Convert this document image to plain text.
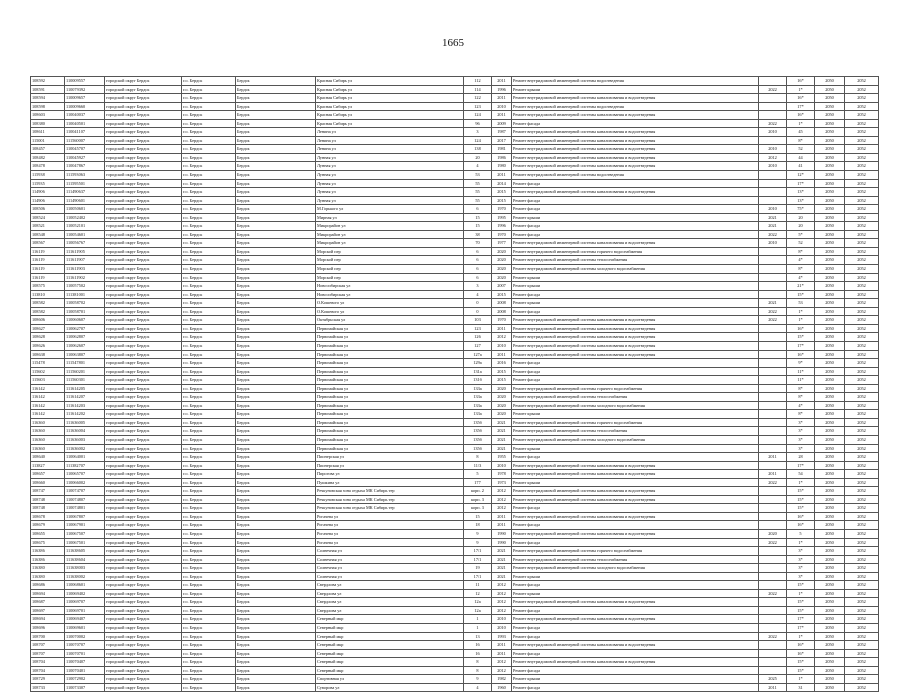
1665
108592	110009557	городской округ Бердск	г.о. Бердск	Бердск	Красная Сибирь ул	112	2011	Ремонт внутридомовой инженерной системы водоотведения		16*	2050	2052
108591	110079392	городской округ Бердск	г.о. Бердск	Бердск	Красная Сибирь ул	114	1996	Ремонт крыши	2022	1*	2050	2052
108594	110009657	городской округ Бердск	г.о. Бердск	Бердск	Красная Сибирь ул	122	2011	Ремонт внутридомовой инженерной системы канализования и водоотведения		16*	2050	2052
108598	110009660	городской округ Бердск	г.о. Бердск	Бердск	Красная Сибирь ул	123	2010	Ремонт внутридомовой инженерной системы водоотведения		17*	2050	2052
108603	110040037	городской округ Бердск	г.о. Бердск	Бердск	Красная Сибирь ул	124	2011	Ремонт внутридомовой инженерной системы канализования и водоотведения		16*	2050	2052
108380	110040501	городской округ Бердск	г.о. Бердск	Бердск	Красная Сибирь ул	96	2009	Ремонт фасада	2022	1*	2050	2052
108611	110041107	городской округ Бердск	г.о. Бердск	Бердск	Ленина ул	3	1987	Ремонт внутридомовой инженерной системы канализования и водоотведения	2010	45	2050	2052
115001	111560007	городской округ Бердск	г.о. Бердск	Бердск	Ленина ул	124	2017	Ремонт внутридомовой инженерной системы канализования и водоотведения		8*	2050	2052
108457	110045707	городской округ Бердск	г.о. Бердск	Бердск	Ленина ул	138	1981	Ремонт внутридомовой инженерной системы канализования и водоотведения	2010	52	2050	2052
108482	110045927	городской округ Бердск	г.о. Бердск	Бердск	Лунная ул	20	1986	Ремонт внутридомовой инженерной системы канализования и водоотведения	2012	44	2050	2052
108478	110047867	городской округ Бердск	г.о. Бердск	Бердск	Лунная ул	4	1980	Ремонт внутридомовой инженерной системы канализования и водоотведения	2010	41	2050	2052
115938	111593063	городской округ Бердск	г.о. Бердск	Бердск	Лунная ул	53	2011	Ремонт внутридомовой инженерной системы водоотведения		12*	2050	2052
115935	111595501	городской округ Бердск	г.о. Бердск	Бердск	Лунная ул	55	2014	Ремонт фасада		17*	2050	2052
114906	111490637	городской округ Бердск	г.о. Бердск	Бердск	Лунная ул	55	2015	Ремонт внутридомовой инженерной системы канализования и водоотведения		13*	2050	2052
114906	111490601	городской округ Бердск	г.о. Бердск	Бердск	Лунная ул	55	2015	Ремонт фасада		13*	2050	2052
108506	110050601	городской округ Бердск	г.о. Бердск	Бердск	М.Горького ул	6	1970	Ремонт фасада	2010	75*	2050	2052
108524	110052402	городской округ Бердск	г.о. Бердск	Бердск	Мирная ул	15	1995	Ремонт крыши	2021	20	2050	2052
108521	110052101	городской округ Бердск	г.о. Бердск	Бердск	Микрорайон ул	15	1996	Ремонт фасада	2021	20	2050	2052
108548	110054601	городской округ Бердск	г.о. Бердск	Бердск	Микрорайон ул	38	1970	Ремонт фасада	2022	5*	2050	2052
108567	110056767	городской округ Бердск	г.о. Бердск	Бердск	Микрорайон ул	70	1977	Ремонт внутридомовой инженерной системы канализования и водоотведения	2010	52	2050	2052
116119	111611905	городской округ Бердск	г.о. Бердск	Бердск	Морской пер	6	2020	Ремонт внутридомовой инженерной системы горячего водоснабжения		8*	2050	2052
116119	111611907	городской округ Бердск	г.о. Бердск	Бердск	Морской пер	6	2020	Ремонт внутридомовой инженерной системы теплоснабжения		4*	2050	2052
116119	111611903	городской округ Бердск	г.о. Бердск	Бердск	Морской пер	6	2020	Ремонт внутридомовой инженерной системы холодного водоснабжения		8*	2050	2052
116119	111611902	городской округ Бердск	г.о. Бердск	Бердск	Морской пер	6	2020	Ремонт крыши		4*	2050	2052
108575	110057502	городской округ Бердск	г.о. Бердск	Бердск	Новосибирская ул	3	2007	Ремонт крыши		21*	2050	2052
113810	111381001	городской округ Бердск	г.о. Бердск	Бердск	Новосибирская ул	4	2015	Ремонт фасада		15*	2050	2052
108582	110058702	городской округ Бердск	г.о. Бердск	Бердск	О.Кошевого ул	0	2008	Ремонт крыши	2021	53	2050	2052
108582	110058701	городской округ Бердск	г.о. Бердск	Бердск	О.Кошевого ул	0	2008	Ремонт фасада	2022	1*	2050	2052
108606	110060607	городской округ Бердск	г.о. Бердск	Бердск	Октябрьская ул	103	1970	Ремонт внутридомовой инженерной системы канализования и водоотведения	2022	1*	2050	2052
108627	110062707	городской округ Бердск	г.о. Бердск	Бердск	Первомайская ул	123	2011	Ремонт внутридомовой инженерной системы канализования и водоотведения		16*	2050	2052
108628	110062807	городской округ Бердск	г.о. Бердск	Бердск	Первомайская ул	126	2012	Ремонт внутридомовой инженерной системы канализования и водоотведения		15*	2050	2052
108626	110062607	городской округ Бердск	г.о. Бердск	Бердск	Первомайская ул	127	2010	Ремонт внутридомовой инженерной системы канализования и водоотведения		17*	2050	2052
108638	110063807	городской округ Бердск	г.о. Бердск	Бердск	Первомайская ул	127а	2011	Ремонт внутридомовой инженерной системы канализования и водоотведения		16*	2050	2052
115478	111547801	городской округ Бердск	г.о. Бердск	Бердск	Первомайская ул	129а	2016	Ремонт фасада		9*	2050	2052
115602	111560201	городской округ Бердск	г.о. Бердск	Бердск	Первомайская ул	131а	2015	Ремонт фасада		11*	2050	2052
115603	111560301	городской округ Бердск	г.о. Бердск	Бердск	Первомайская ул	131б	2015	Ремонт фасада		11*	2050	2052
116142	111614205	городской округ Бердск	г.о. Бердск	Бердск	Первомайская ул	133а	2020	Ремонт внутридомовой инженерной системы горячего водоснабжения		8*	2050	2052
116142	111614207	городской округ Бердск	г.о. Бердск	Бердск	Первомайская ул	133а	2020	Ремонт внутридомовой инженерной системы теплоснабжения		8*	2050	2052
116142	111614203	городской округ Бердск	г.о. Бердск	Бердск	Первомайская ул	133а	2020	Ремонт внутридомовой инженерной системы холодного водоснабжения		4*	2050	2052
116142	111614202	городской округ Бердск	г.о. Бердск	Бердск	Первомайская ул	133а	2020	Ремонт крыши		8*	2050	2052
116360	111636005	городской округ Бердск	г.о. Бердск	Бердск	Первомайская ул	135б	2021	Ремонт внутридомовой инженерной системы горячего водоснабжения		3*	2050	2052
116360	111636004	городской округ Бердск	г.о. Бердск	Бердск	Первомайская ул	135б	2021	Ремонт внутридомовой инженерной системы теплоснабжения		3*	2050	2052
116360	111636003	городской округ Бердск	г.о. Бердск	Бердск	Первомайская ул	135б	2021	Ремонт внутридомовой инженерной системы холодного водоснабжения		3*	2050	2052
116360	111636002	городской округ Бердск	г.о. Бердск	Бердск	Первомайская ул	135б	2021	Ремонт крыши		3*	2050	2052
108640	110064001	городской округ Бердск	г.о. Бердск	Бердск	Пионерская ул	8	1955	Ремонт фасада	2011	28	2050	2052
113827	111382707	городской округ Бердск	г.о. Бердск	Бердск	Пионерская ул	11/3	2010	Ремонт внутридомовой инженерной системы канализования и водоотведения		17*	2050	2052
108657	110065707	городской округ Бердск	г.о. Бердск	Бердск	Пирогова ул	5	1978	Ремонт внутридомовой инженерной системы канализования и водоотведения	2011	54	2050	2052
108660	110066002	городской округ Бердск	г.о. Бердск	Бердск	Пушкина ул	177	1973	Ремонт крыши	2022	1*	2050	2052
108747	110074707	городской округ Бердск	г.о. Бердск	Бердск	Речкуновская зона отдыха МК Сибирь тер	корп. 2	2012	Ремонт внутридомовой инженерной системы канализования и водоотведения		15*	2050	2052
108748	110074807	городской округ Бердск	г.о. Бердск	Бердск	Речкуновская зона отдыха МК Сибирь тер	корп. 3	2012	Ремонт внутридомовой инженерной системы канализования и водоотведения		15*	2050	2052
108748	110074801	городской округ Бердск	г.о. Бердск	Бердск	Речкуновская зона отдыха МК Сибирь тер	корп. 3	2012	Ремонт фасада		15*	2050	2052
108678	110067807	городской округ Бердск	г.о. Бердск	Бердск	Рогачева ул	15	2011	Ремонт внутридомовой инженерной системы канализования и водоотведения		16*	2050	2052
108679	110067901	городской округ Бердск	г.о. Бердск	Бердск	Рогачева ул	18	2011	Ремонт фасада		16*	2050	2052
108655	110067507	городской округ Бердск	г.о. Бердск	Бердск	Рогачева ул	9	1990	Ремонт внутридомовой инженерной системы канализования и водоотведения	2020	5	2050	2052
108675	110067501	городской округ Бердск	г.о. Бердск	Бердск	Рогачева ул	9	1990	Ремонт фасада	2022	1*	2050	2052
116386	111638605	городской округ Бердск	г.о. Бердск	Бердск	Солнечная ул	17/1	2021	Ремонт внутридомовой инженерной системы горячего водоснабжения		3*	2050	2052
116386	111638604	городской округ Бердск	г.о. Бердск	Бердск	Солнечная ул	17/1	2021	Ремонт внутридомовой инженерной системы теплоснабжения		3*	2050	2052
116380	111638003	городской округ Бердск	г.о. Бердск	Бердск	Солнечная ул	19	2021	Ремонт внутридомовой инженерной системы холодного водоснабжения		3*	2050	2052
116380	111638002	городской округ Бердск	г.о. Бердск	Бердск	Солнечная ул	17/1	2021	Ремонт крыши		3*	2050	2052
108686	110068601	городской округ Бердск	г.о. Бердск	Бердск	Свердлова ул	11	2012	Ремонт фасада		15*	2050	2052
108694	110069402	городской округ Бердск	г.о. Бердск	Бердск	Свердлова ул	12	2012	Ремонт крыши	2022	1*	2050	2052
108687	110069707	городской округ Бердск	г.о. Бердск	Бердск	Свердлова ул	12а	2012	Ремонт внутридомовой инженерной системы канализования и водоотведения		15*	2050	2052
108697	110069701	городской округ Бердск	г.о. Бердск	Бердск	Свердлова ул	12а	2012	Ремонт фасада		15*	2050	2052
108694	110069407	городской округ Бердск	г.о. Бердск	Бердск	Северный мкр	1	2010	Ремонт внутридомовой инженерной системы канализования и водоотведения		17*	2050	2052
108696	110069601	городской округ Бердск	г.о. Бердск	Бердск	Северный мкр	1	2010	Ремонт фасада		17*	2050	2052
108700	110070002	городской округ Бердск	г.о. Бердск	Бердск	Северный мкр	13	1993	Ремонт фасада	2022	1*	2050	2052
108707	110070707	городской округ Бердск	г.о. Бердск	Бердск	Северный мкр	16	2011	Ремонт внутридомовой инженерной системы канализования и водоотведения		16*	2050	2052
108707	110070701	городской округ Бердск	г.о. Бердск	Бердск	Северный мкр	16	2011	Ремонт фасада		16*	2050	2052
108704	110070407	городской округ Бердск	г.о. Бердск	Бердск	Северный мкр	8	2012	Ремонт внутридомовой инженерной системы канализования и водоотведения		15*	2050	2052
108704	110070401	городской округ Бердск	г.о. Бердск	Бердск	Северный мкр	8	2012	Ремонт фасада		15*	2050	2052
108729	110072902	городской округ Бердск	г.о. Бердск	Бердск	Спортивная ул	9	1982	Ремонт крыши	2025	1*	2050	2052
108733	110073307	городской округ Бердск	г.о. Бердск	Бердск	Суворова ул	4	1960	Ремонт фасада	2011	31	2050	2052
